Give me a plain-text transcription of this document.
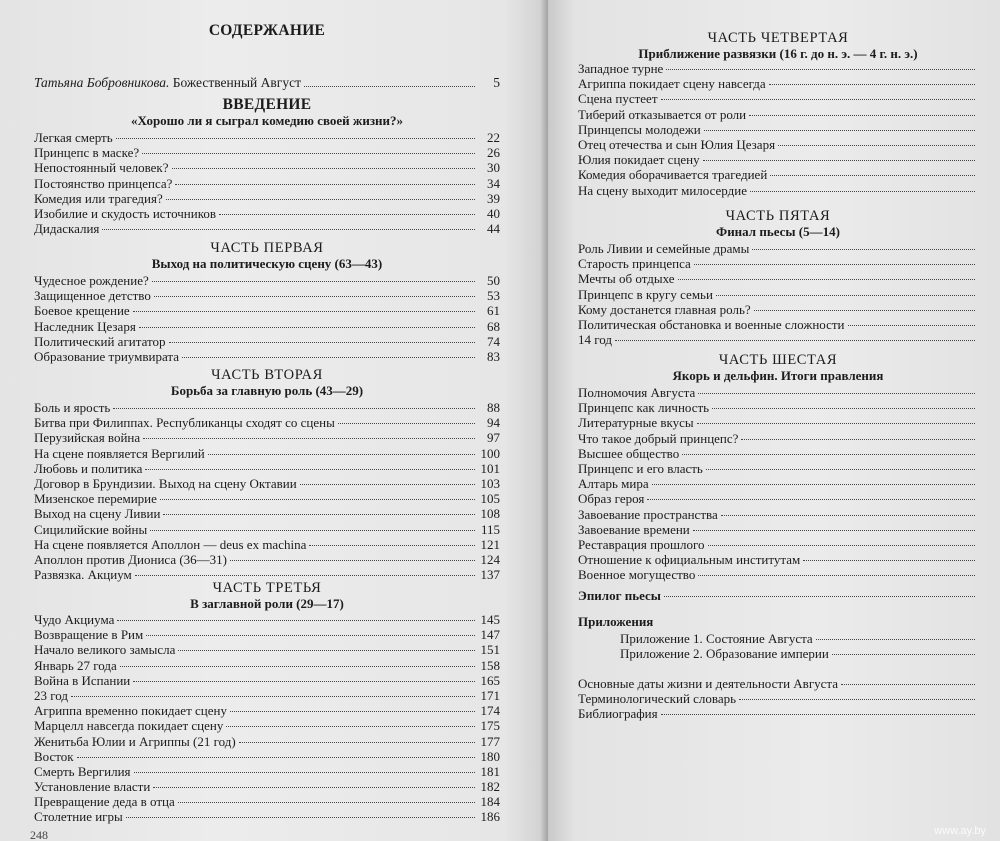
СОДЕРЖАНИЕ

Татьяна Бобровникова. Божественный Август	5

ВВЕДЕНИЕ

«Хорошо ли я сыграл комедию своей жизни?»

Легкая смерть	22
Принцепс в маске?	26
Непостоянный человек?	30
Постоянство принцепса?	34
Комедия или трагедия?	39
Изобилие и скудость источников	40
Дидаскалия	44

ЧАСТЬ ПЕРВАЯ

Выход на политическую сцену (63—43)

Чудесное рождение?	50
Защищенное детство	53
Боевое крещение	61
Наследник Цезаря	68
Политический агитатор	74
Образование триумвирата	83

ЧАСТЬ ВТОРАЯ

Борьба за главную роль (43—29)

Боль и ярость	88
Битва при Филиппах. Республиканцы сходят со сцены	94
Перузийская война	97
На сцене появляется Вергилий	100
Любовь и политика	101
Договор в Брундизии. Выход на сцену Октавии	103
Мизенское перемирие	105
Выход на сцену Ливии	108
Сицилийские войны	115
На сцене появляется Аполлон — deus ex machina	121
Аполлон против Диониса (36—31)	124
Развязка. Акциум	137

ЧАСТЬ ТРЕТЬЯ

В заглавной роли (29—17)

Чудо Акциума	145
Возвращение в Рим	147
Начало великого замысла	151
Январь 27 года	158
Война в Испании	165
23 год	171
Агриппа временно покидает сцену	174
Марцелл навсегда покидает сцену	175
Женитьба Юлии и Агриппы (21 год)	177
Восток	180
Смерть Вергилия	181
Установление власти	182
Превращение деда в отца	184
Столетние игры	186
248

ЧАСТЬ ЧЕТВЕРТАЯ

Приближение развязки (16 г. до н. э. — 4 г. н. э.)

Западное турне
Агриппа покидает сцену навсегда
Сцена пустеет
Тиберий отказывается от роли
Принцепсы молодежи
Отец отечества и сын Юлия Цезаря
Юлия покидает сцену
Комедия оборачивается трагедией
На сцену выходит милосердие

ЧАСТЬ ПЯТАЯ

Финал пьесы (5—14)

Роль Ливии и семейные драмы
Старость принцепса
Мечты об отдыхе
Принцепс в кругу семьи
Кому достанется главная роль?
Политическая обстановка и военные сложности
14 год

ЧАСТЬ ШЕСТАЯ

Якорь и дельфин. Итоги правления

Полномочия Августа
Принцепс как личность
Литературные вкусы
Что такое добрый принцепс?
Высшее общество
Принцепс и его власть
Алтарь мира
Образ героя
Завоевание пространства
Завоевание времени
Реставрация прошлого
Отношение к официальным институтам
Военное могущество
Эпилог пьесы
Приложения
Приложение 1. Состояние Августа
Приложение 2. Образование империи
Основные даты жизни и деятельности Августа
Терминологический словарь
Библиография
www.ay.by
